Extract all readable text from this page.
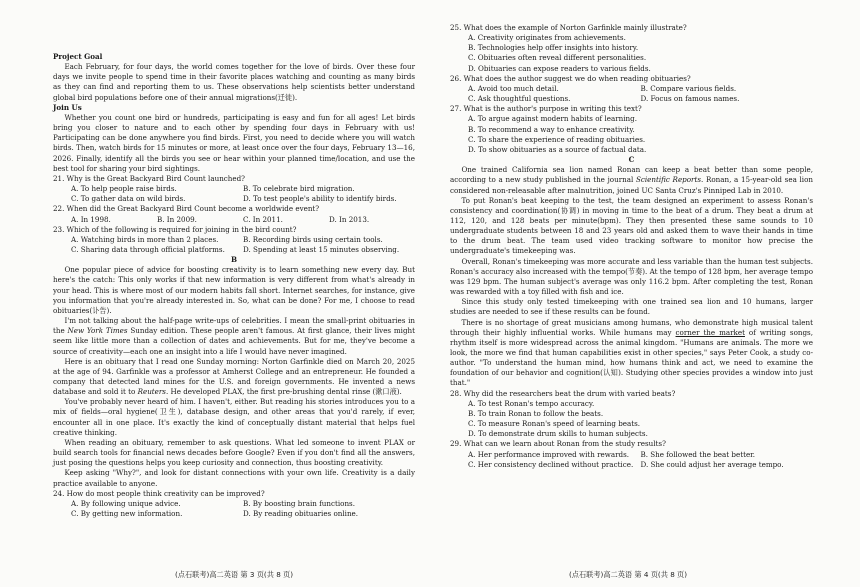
Project Goal

Each February, for four days, the world comes together for the love of birds. Over these four days we invite people to spend time in their favorite places watching and counting as many birds as they can find and reporting them to us. These observations help scientists better understand global bird populations before one of their annual migrations(迁徙).

Join Us

Whether you count one bird or hundreds, participating is easy and fun for all ages! Let birds bring you closer to nature and to each other by spending four days in February with us! Participating can be done anywhere you find birds. First, you need to decide where you will watch birds. Then, watch birds for 15 minutes or more, at least once over the four days, February 13—16, 2026. Finally, identify all the birds you see or hear within your planned time/location, and use the best tool for sharing your bird sightings.

21. Why is the Great Backyard Bird Count launched?

A. To help people raise birds.	B. To celebrate bird migration.
C. To gather data on wild birds.	D. To test people's ability to identify birds.

22. When did the Great Backyard Bird Count become a worldwide event?

A. In 1998.	B. In 2009.	C. In 2011.	D. In 2013.

23. Which of the following is required for joining in the bird count?

A. Watching birds in more than 2 places.	B. Recording birds using certain tools.
C. Sharing data through official platforms.	D. Spending at least 15 minutes observing.

B

One popular piece of advice for boosting creativity is to learn something new every day. But here's the catch: This only works if that new information is very different from what's already in your head. This is where most of our modern habits fall short. Internet searches, for instance, give you information that you're already interested in. So, what can be done? For me, I choose to read obituaries(讣告).

I'm not talking about the half-page write-ups of celebrities. I mean the small-print obituaries in the New York Times Sunday edition. These people aren't famous. At first glance, their lives might seem like little more than a collection of dates and achievements. But for me, they've become a source of creativity—each one an insight into a life I would have never imagined.

Here is an obituary that I read one Sunday morning: Norton Garfinkle died on March 20, 2025 at the age of 94. Garfinkle was a professor at Amherst College and an entrepreneur. He founded a company that detected land mines for the U.S. and foreign governments. He invented a news database and sold it to Reuters. He developed PLAX, the first pre-brushing dental rinse (漱口液).

You've probably never heard of him. I haven't, either. But reading his stories introduces you to a mix of fields—oral hygiene(卫生), database design, and other areas that you'd rarely, if ever, encounter all in one place. It's exactly the kind of conceptually distant material that helps fuel creative thinking.

When reading an obituary, remember to ask questions. What led someone to invent PLAX or build search tools for financial news decades before Google? Even if you don't find all the answers, just posing the questions helps you keep curiosity and connection, thus boosting creativity.

Keep asking "Why?", and look for distant connections with your own life. Creativity is a daily practice available to anyone.

24. How do most people think creativity can be improved?

A. By following unique advice.	B. By boosting brain functions.
C. By getting new information.	D. By reading obituaries online.

25. What does the example of Norton Garfinkle mainly illustrate?

A. Creativity originates from achievements.
B. Technologies help offer insights into history.
C. Obituaries often reveal different personalities.
D. Obituaries can expose readers to various fields.

26. What does the author suggest we do when reading obituaries?

A. Avoid too much detail.	B. Compare various fields.
C. Ask thoughtful questions.	D. Focus on famous names.

27. What is the author's purpose in writing this text?

A. To argue against modern habits of learning.
B. To recommend a way to enhance creativity.
C. To share the experience of reading obituaries.
D. To show obituaries as a source of factual data.

C

One trained California sea lion named Ronan can keep a beat better than some people, according to a new study published in the journal Scientific Reports. Ronan, a 15-year-old sea lion considered non-releasable after malnutrition, joined UC Santa Cruz's Pinniped Lab in 2010.

To put Ronan's beat keeping to the test, the team designed an experiment to assess Ronan's consistency and coordination(协调) in moving in time to the beat of a drum. They beat a drum at 112, 120, and 128 beats per minute(bpm). They then presented these same sounds to 10 undergraduate students between 18 and 23 years old and asked them to wave their hands in time to the drum beat. The team used video tracking software to monitor how precise the undergraduate's timekeeping was.

Overall, Ronan's timekeeping was more accurate and less variable than the human test subjects. Ronan's accuracy also increased with the tempo(节奏). At the tempo of 128 bpm, her average tempo was 129 bpm. The human subject's average was only 116.2 bpm. After completing the test, Ronan was rewarded with a toy filled with fish and ice.

Since this study only tested timekeeping with one trained sea lion and 10 humans, larger studies are needed to see if these results can be found.

There is no shortage of great musicians among humans, who demonstrate high musical talent through their highly influential works. While humans may corner the market of writing songs, rhythm itself is more widespread across the animal kingdom. "Humans are animals. The more we look, the more we find that human capabilities exist in other species," says Peter Cook, a study co-author. "To understand the human mind, how humans think and act, we need to examine the foundation of our behavior and cognition(认知). Studying other species provides a window into just that."

28. Why did the researchers beat the drum with varied beats?

A. To test Ronan's tempo accuracy.
B. To train Ronan to follow the beats.
C. To measure Ronan's speed of learning beats.
D. To demonstrate drum skills to human subjects.

29. What can we learn about Ronan from the study results?

A. Her performance improved with rewards.	B. She followed the beat better.
C. Her consistency declined without practice.	D. She could adjust her average tempo.
(点石联考)高二英语 第 3 页(共 8 页)	(点石联考)高二英语 第 4 页(共 8 页)
